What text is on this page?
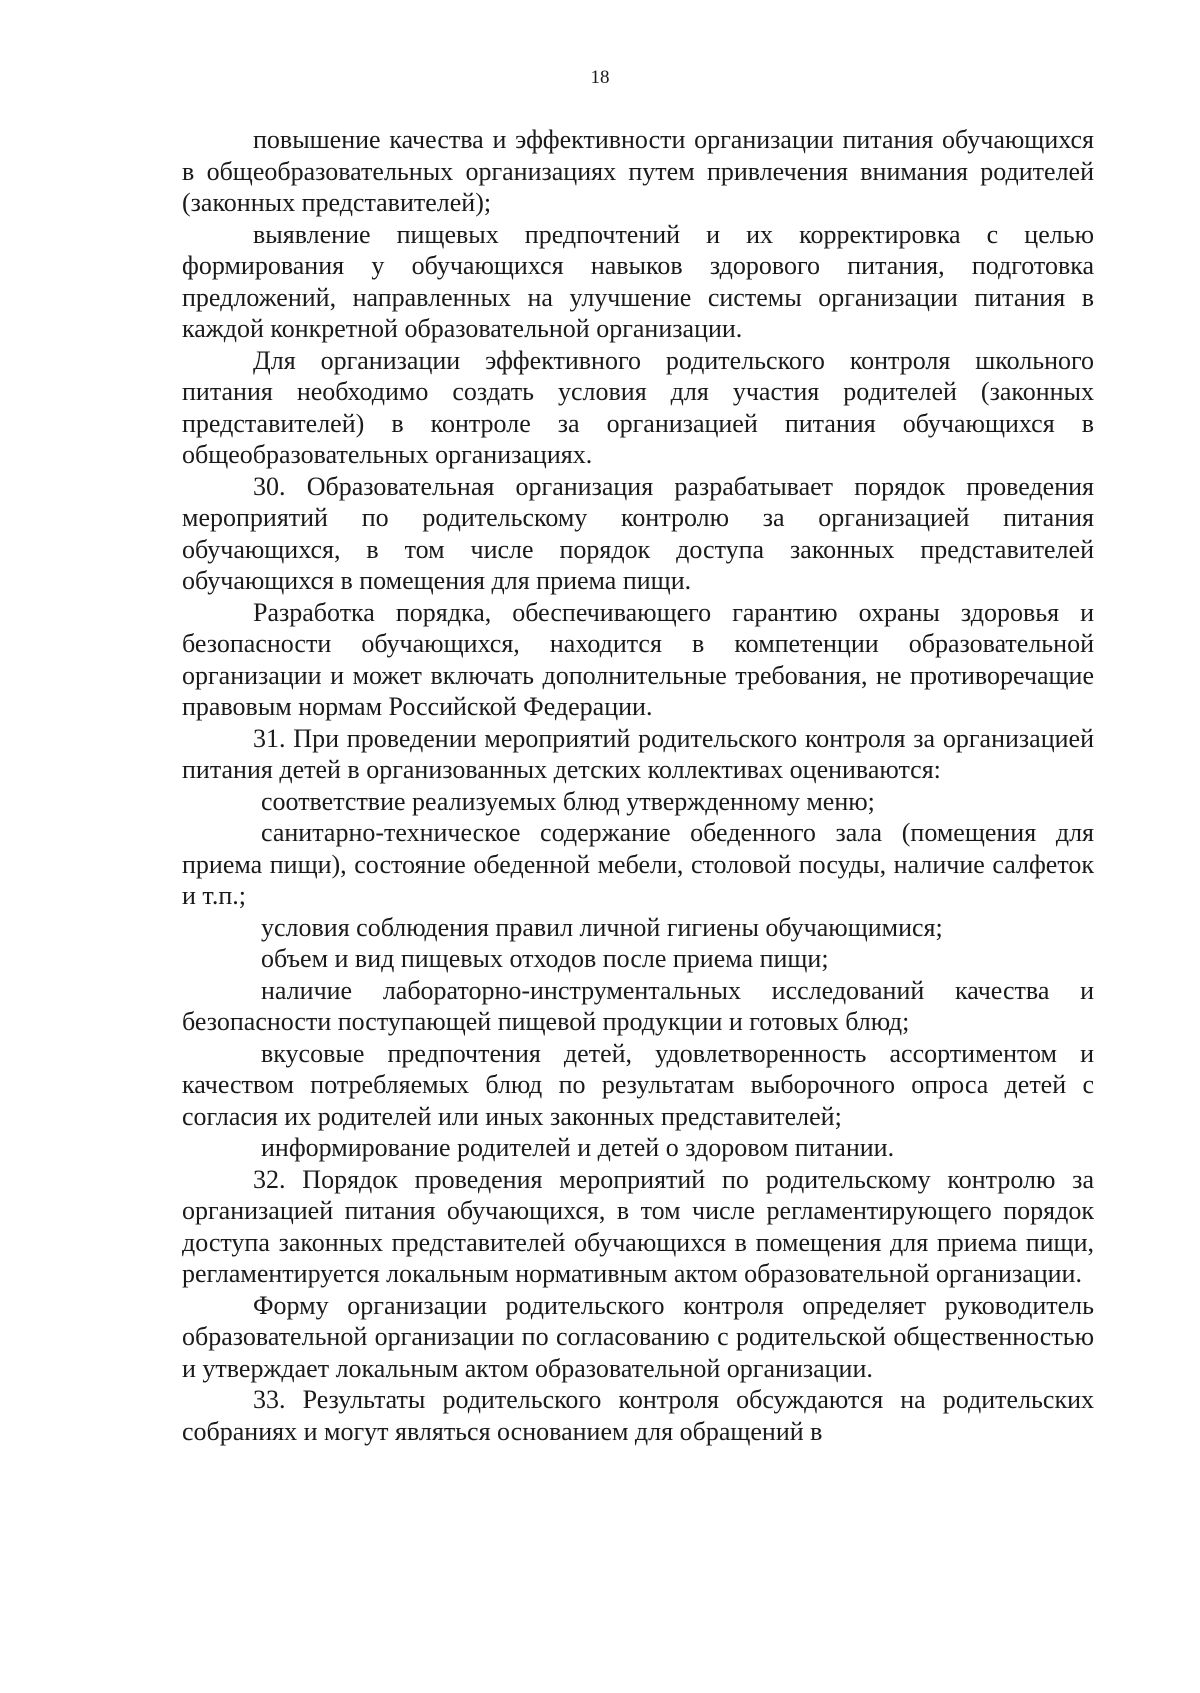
18

повышение качества и эффективности организации питания обучающихся в общеобразовательных организациях путем привлечения внимания родителей (законных представителей);

выявление пищевых предпочтений и их корректировка с целью формирования у обучающихся навыков здорового питания, подготовка предложений, направленных на улучшение системы организации питания в каждой конкретной образовательной организации.

Для организации эффективного родительского контроля школьного питания необходимо создать условия для участия родителей (законных представителей) в контроле за организацией питания обучающихся в общеобразовательных организациях.

30. Образовательная организация разрабатывает порядок проведения мероприятий по родительскому контролю за организацией питания обучающихся, в том числе порядок доступа законных представителей обучающихся в помещения для приема пищи.

Разработка порядка, обеспечивающего гарантию охраны здоровья и безопасности обучающихся, находится в компетенции образовательной организации и может включать дополнительные требования, не противоречащие правовым нормам Российской Федерации.

31. При проведении мероприятий родительского контроля за организацией питания детей в организованных детских коллективах оцениваются:

соответствие реализуемых блюд утвержденному меню;

санитарно-техническое содержание обеденного зала (помещения для приема пищи), состояние обеденной мебели, столовой посуды, наличие салфеток и т.п.;

условия соблюдения правил личной гигиены обучающимися;

объем и вид пищевых отходов после приема пищи;

наличие лабораторно-инструментальных исследований качества и безопасности поступающей пищевой продукции и готовых блюд;

вкусовые предпочтения детей, удовлетворенность ассортиментом и качеством потребляемых блюд по результатам выборочного опроса детей с согласия их родителей или иных законных представителей;

информирование родителей и детей о здоровом питании.

32. Порядок проведения мероприятий по родительскому контролю за организацией питания обучающихся, в том числе регламентирующего порядок доступа законных представителей обучающихся в помещения для приема пищи, регламентируется локальным нормативным актом образовательной организации.

Форму организации родительского контроля определяет руководитель образовательной организации по согласованию с родительской общественностью и утверждает локальным актом образовательной организации.

33. Результаты родительского контроля обсуждаются на родительских собраниях и могут являться основанием для обращений в
